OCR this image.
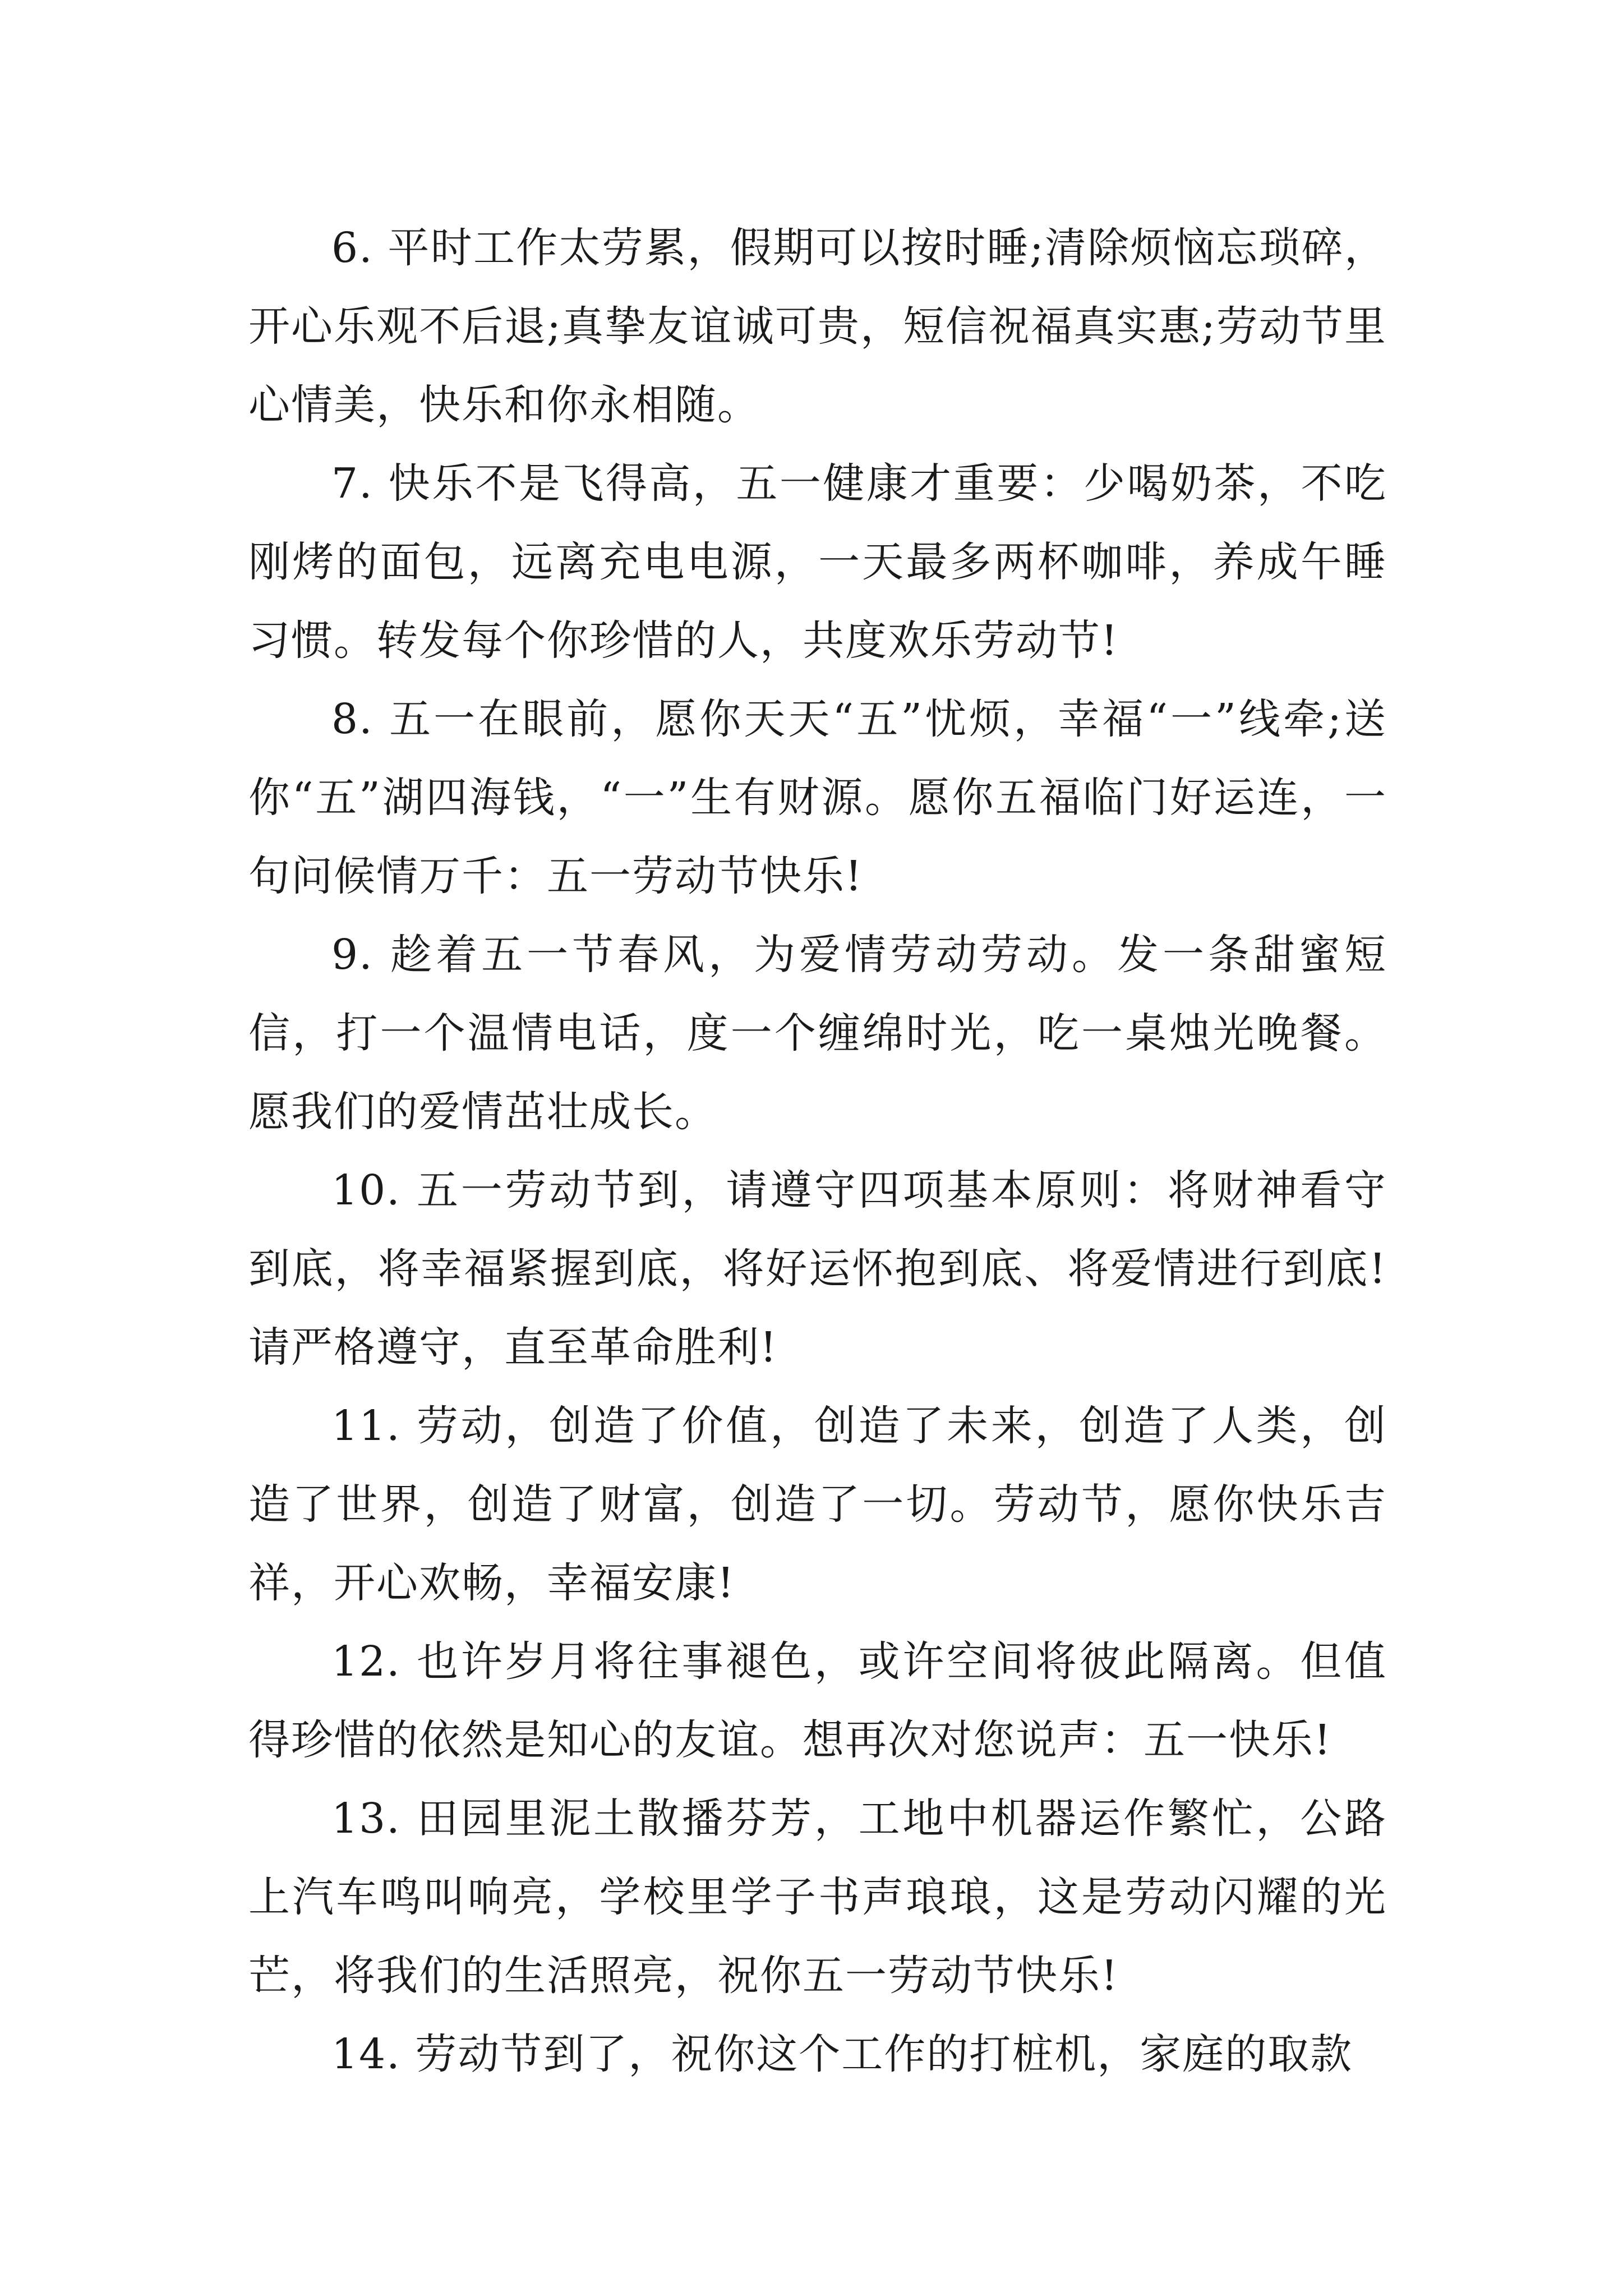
6. 平时工作太劳累，假期可以按时睡;清除烦恼忘琐碎，开心乐观不后退;真挚友谊诚可贵，短信祝福真实惠;劳动节里心情美，快乐和你永相随。

7. 快乐不是飞得高，五一健康才重要：少喝奶茶，不吃刚烤的面包，远离充电电源，一天最多两杯咖啡，养成午睡习惯。转发每个你珍惜的人，共度欢乐劳动节!

8. 五一在眼前，愿你天天“五”忧烦，幸福“一”线牵;送你“五”湖四海钱，“一”生有财源。愿你五福临门好运连，一句问候情万千：五一劳动节快乐!

9. 趁着五一节春风，为爱情劳动劳动。发一条甜蜜短信，打一个温情电话，度一个缠绵时光，吃一桌烛光晚餐。愿我们的爱情茁壮成长。

10. 五一劳动节到，请遵守四项基本原则：将财神看守到底，将幸福紧握到底，将好运怀抱到底、将爱情进行到底!请严格遵守，直至革命胜利!

11. 劳动，创造了价值，创造了未来，创造了人类，创造了世界，创造了财富，创造了一切。劳动节，愿你快乐吉祥，开心欢畅，幸福安康!

12. 也许岁月将往事褪色，或许空间将彼此隔离。但值得珍惜的依然是知心的友谊。想再次对您说声：五一快乐!

13. 田园里泥土散播芬芳，工地中机器运作繁忙，公路上汽车鸣叫响亮，学校里学子书声琅琅，这是劳动闪耀的光芒，将我们的生活照亮，祝你五一劳动节快乐!

14. 劳动节到了，祝你这个工作的打桩机，家庭的取款
